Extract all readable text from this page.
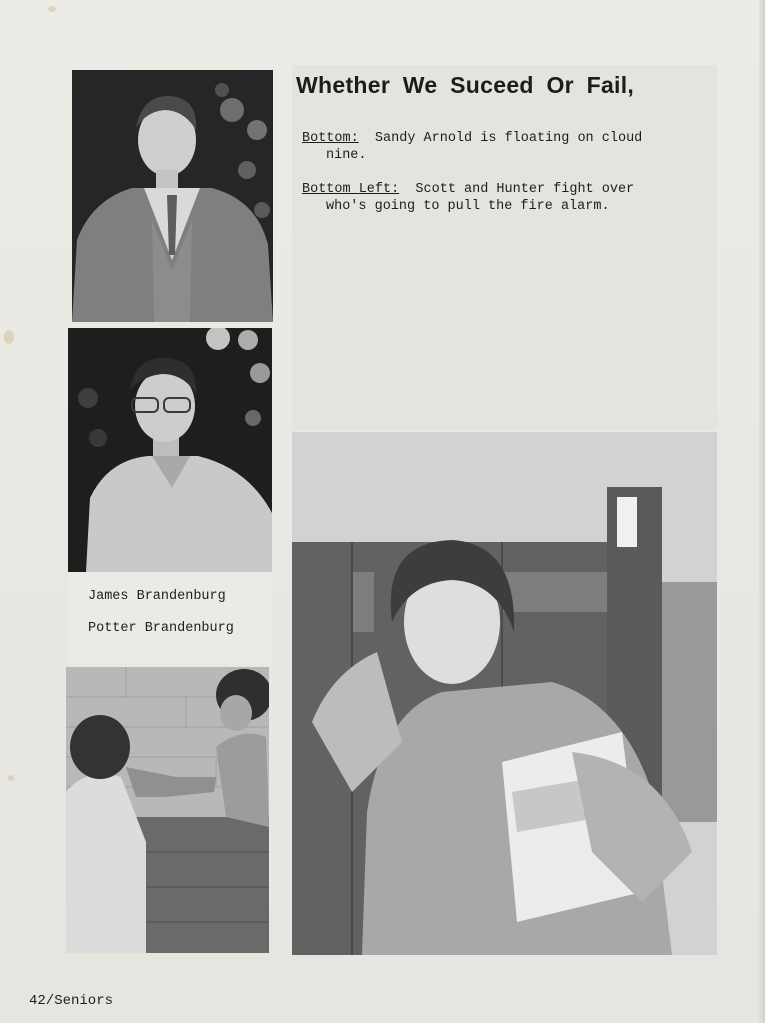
Whether We Suceed Or Fail,
Bottom: Sandy Arnold is floating on cloud
nine.
Bottom Left: Scott and Hunter fight over
who's going to pull the fire alarm.
James Brandenburg
Potter Brandenburg
42/Seniors
